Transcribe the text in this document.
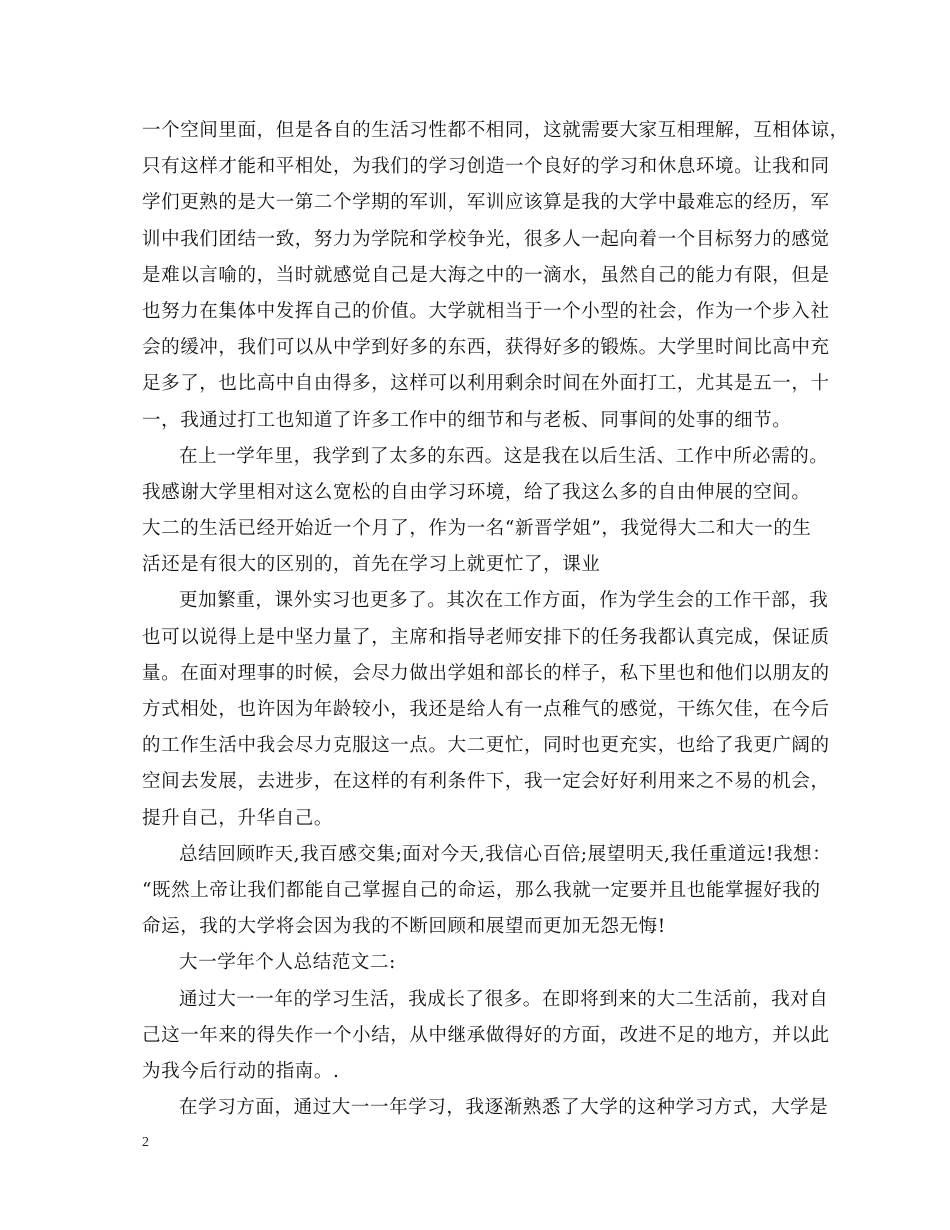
一个空间里面，但是各自的生活习性都不相同，这就需要大家互相理解，互相体谅，
只有这样才能和平相处，为我们的学习创造一个良好的学习和休息环境。让我和同
学们更熟的是大一第二个学期的军训，军训应该算是我的大学中最难忘的经历，军
训中我们团结一致，努力为学院和学校争光，很多人一起向着一个目标努力的感觉
是难以言喻的，当时就感觉自己是大海之中的一滴水，虽然自己的能力有限，但是
也努力在集体中发挥自己的价值。大学就相当于一个小型的社会，作为一个步入社
会的缓冲，我们可以从中学到好多的东西，获得好多的锻炼。大学里时间比高中充
足多了，也比高中自由得多，这样可以利用剩余时间在外面打工，尤其是五一，十
一，我通过打工也知道了许多工作中的细节和与老板、同事间的处事的细节。
在上一学年里，我学到了太多的东西。这是我在以后生活、工作中所必需的。
我感谢大学里相对这么宽松的自由学习环境，给了我这么多的自由伸展的空间。
大二的生活已经开始近一个月了，作为一名“新晋学姐”，我觉得大二和大一的生
活还是有很大的区别的，首先在学习上就更忙了，课业
更加繁重，课外实习也更多了。其次在工作方面，作为学生会的工作干部，我
也可以说得上是中坚力量了，主席和指导老师安排下的任务我都认真完成，保证质
量。在面对理事的时候，会尽力做出学姐和部长的样子，私下里也和他们以朋友的
方式相处，也许因为年龄较小，我还是给人有一点稚气的感觉，干练欠佳，在今后
的工作生活中我会尽力克服这一点。大二更忙，同时也更充实，也给了我更广阔的
空间去发展，去进步，在这样的有利条件下，我一定会好好利用来之不易的机会，
提升自己，升华自己。
总结回顾昨天,我百感交集;面对今天,我信心百倍;展望明天,我任重道远!我想：
“既然上帝让我们都能自己掌握自己的命运，那么我就一定要并且也能掌握好我的
命运，我的大学将会因为我的不断回顾和展望而更加无怨无悔!
大一学年个人总结范文二:
通过大一一年的学习生活，我成长了很多。在即将到来的大二生活前，我对自
己这一年来的得失作一个小结，从中继承做得好的方面，改进不足的地方，并以此
为我今后行动的指南。.
在学习方面，通过大一一年学习，我逐渐熟悉了大学的这种学习方式，大学是
2
